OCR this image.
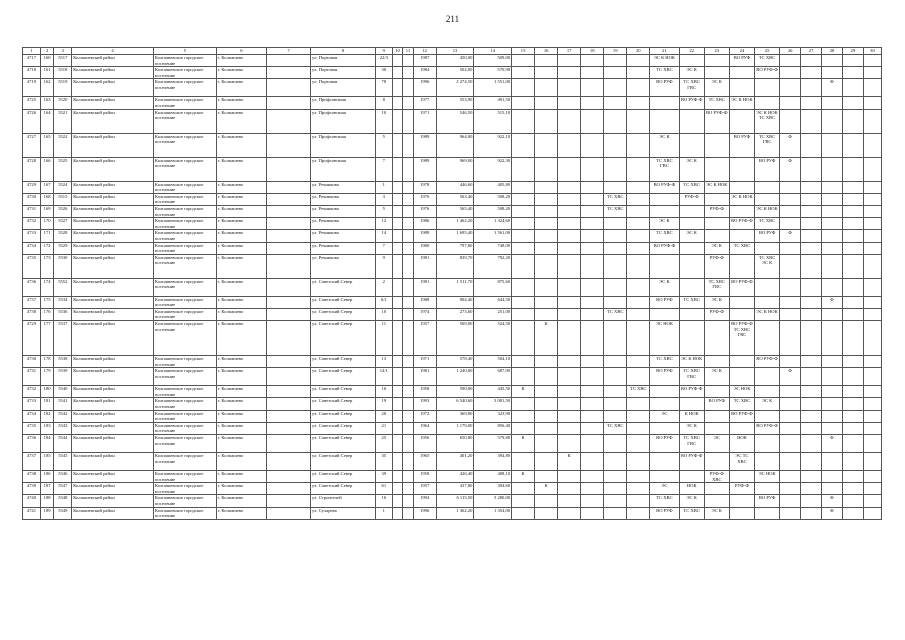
211
1	2	3	4	5	6	7	8	9	10	11	12	13	14	15	16	17	18	19	20	21	22	23	24	25	26	27	28	29	30
4717	160	5517	Колпашевский район	Колпашевское городское поселение	г. Колпашево		ул. Портовая	22/3			1987	450,00	509,00							ЭС К НОК			ВО РУФ	ТС ХВС					
4718	161	5518	Колпашевский район	Колпашевское городское поселение	г. Колпашево		ул. Портовая	30			1984	502,00	570,90							ТС ХВС	ЭС К			ВО РУФ-Ф					
4719	162	5519	Колпашевский район	Колпашевское городское поселение	г. Колпашево		ул. Портовая	78			1996	2 274,50	1 551,00							ВО РУФ	ТС ХВС ГВС	ЭС К					Ф		
4725	163	5520	Колпашевский район	Колпашевское городское поселение	г. Колпашево		ул. Профсоюзная	8			1977	553,90	491,50								ВО РУФ-Ф	ТС ХВС	ЭС К НОК						
4726	164	5521	Колпашевский район	Колпашевское городское поселение	г. Колпашево		ул. Профсоюзная	10			1971	546,50	515,10									ВО РУФ-Ф		ЭС К НОК ТС ХВС					
4727	165	5522	Колпашевский район	Колпашевское городское поселение	г. Колпашево		ул. Профсоюзная	5			1989	964,00	922,10							ЭС К			ВО РУФ	ТС ХВС ГВС	Ф				
4728	166	5525	Колпашевский район	Колпашевское городское поселение	г. Колпашево		ул. Профсоюзная	7			1989	969,00	922,30							ТС ХВС ГВС	ЭС К			ВО РУФ	Ф				
4729	167	5524	Колпашевский район	Колпашевское городское поселение	г. Колпашево		ул. Речникова	1			1978	446,60	405,80							ВО РУФ-Ф	ТС ХВС	ЭС К НОК							
4730	168	5515	Колпашевский район	Колпашевское городское поселение	г. Колпашево		ул. Речникова	3			1976	563,40	508,20					ТС ХВС			РУФ-Ф		ЭС К НОК						
4731	169	5526	Колпашевский район	Колпашевское городское поселение	г. Колпашево		ул. Речникова	5			1976	565,40	508,20					ТС ХВС				РУФ-Ф		ЭС К НОК					
4732	170	5527	Колпашевский район	Колпашевское городское поселение	г. Колпашево		ул. Речникова	12			1986	1 462,20	1 324,60							ЭС К			ВО РУФ-Ф	ТС ХВС					
4733	171	5528	Колпашевский район	Колпашевское городское поселение	г. Колпашево		ул. Речникова	14			1988	1 695,40	1 561,00							ТС ХВС	ЭС К			ВО РУФ	Ф				
4734	172	5529	Колпашевский район	Колпашевское городское поселение	г. Колпашево		ул. Речникова	7			1980	797,80	748,00							ВО РУФ-Ф		ЭС К	ТС ХВС						
4735	173	5530	Колпашевский район	Колпашевское городское поселение	г. Колпашево		ул. Речникова	9			1981	839,70	792,20									РУФ-Ф		ТС ХВС ЭС К					
4736	174	5552	Колпашевский район	Колпашевское городское поселение	г. Колпашево		ул. Советский Север	2			1981	1 511,70	875,60							ЭС К		ТС ХВС ГВС	ВО РУФ-Ф						
4737	175	5534	Колпашевский район	Колпашевское городское поселение	г. Колпашево		ул. Советский Север	6/1			1988	904,40	644,50							ВО РУФ	ТС ХВС	ЭС К					Ф		
4738	176	5536	Колпашевский район	Колпашевское городское поселение	г. Колпашево		ул. Советский Север	10			1974	273,60	251,00					ТС ХВС				РУФ-Ф		ЭС К НОК					
4729	177	5537	Колпашевский район	Колпашевское городское поселение	г. Колпашево		ул. Советский Север	11			1957	569,00	524,50		К					ЭС НОК			ВО РУФ-Ф ТС ХВС ГВС						
4730	178	5538	Колпашевский район	Колпашевское городское поселение	г. Колпашево		ул. Советский Север	13			1971	578,40	504,10							ТС ХВС	ЭС К НОК			ВО РУФ-Ф					
4731	179	5539	Колпашевский район	Колпашевское городское поселение	г. Колпашево		ул. Советский Север	14/1			1981	1 240,00	687,00							ВО РУФ	ТС ХВС ГВС	ЭС К			Ф				
4732	180	5540	Колпашевский район	Колпашевское городское поселение	г. Колпашево		ул. Советский Север	16			1958	590,00	445,50	К					ТС ХВС		ВО РУФ-Ф		ЭС НОК						
4733	181	5541	Колпашевский район	Колпашевское городское поселение	г. Колпашево		ул. Советский Север	19			1993	6 540,60	3 081,50									ВО РУФ	ТС ХВС	ЭС К					
4734	182	5542	Колпашевский район	Колпашевское городское поселение	г. Колпашево		ул. Советский Север	20			1972	369,80	323,90							ЭС	К НОК		ВО РУФ-Ф						
4735	183	5543	Колпашевский район	Колпашевское городское поселение	г. Колпашево		ул. Советский Север	21			1964	1 179,00	856,40					ТС ХВС			ЭС К			ВО РУФ-Ф					
4736	184	5544	Колпашевский район	Колпашевское городское поселение	г. Колпашево		ул. Советский Север	25			1956	650,80	579,80	К						ВО РУФ	ТС ХВС ГВС	ЭС	НОК				Ф		
4737	185	5545	Колпашевский район	Колпашевское городское поселение	г. Колпашево		ул. Советский Север	35			1965	401,20	394,80			К					ВО РУФ-Ф		ЭС ТС ХВС						
4738	186	5546	Колпашевский район	Колпашевское городское поселение	г. Колпашево		ул. Советский Север	39			1958	426,40	408,10	К								РУФ-Ф ХВС		ЭС НОК					
4739	187	5547	Колпашевский район	Колпашевское городское поселение	г. Колпашево		ул. Советский Север	61			1957	437,80	394,60		К					ЭС	НОК		РУФ-Ф						
4740	188	5548	Колпашевский район	Колпашевское городское поселение	г. Колпашево		ул. Строителей	16			1994	6 115,50	5 280,00							ТС ХВС	ЭС К			ВО РУФ			Ф		
4741	189	5549	Колпашевский район	Колпашевское городское поселение	г. Колпашево		ул. Сухарева	1			1996	1 362,20	1 354,00							ВО РУФ	ТС ХВС	ЭС К					Ф		
